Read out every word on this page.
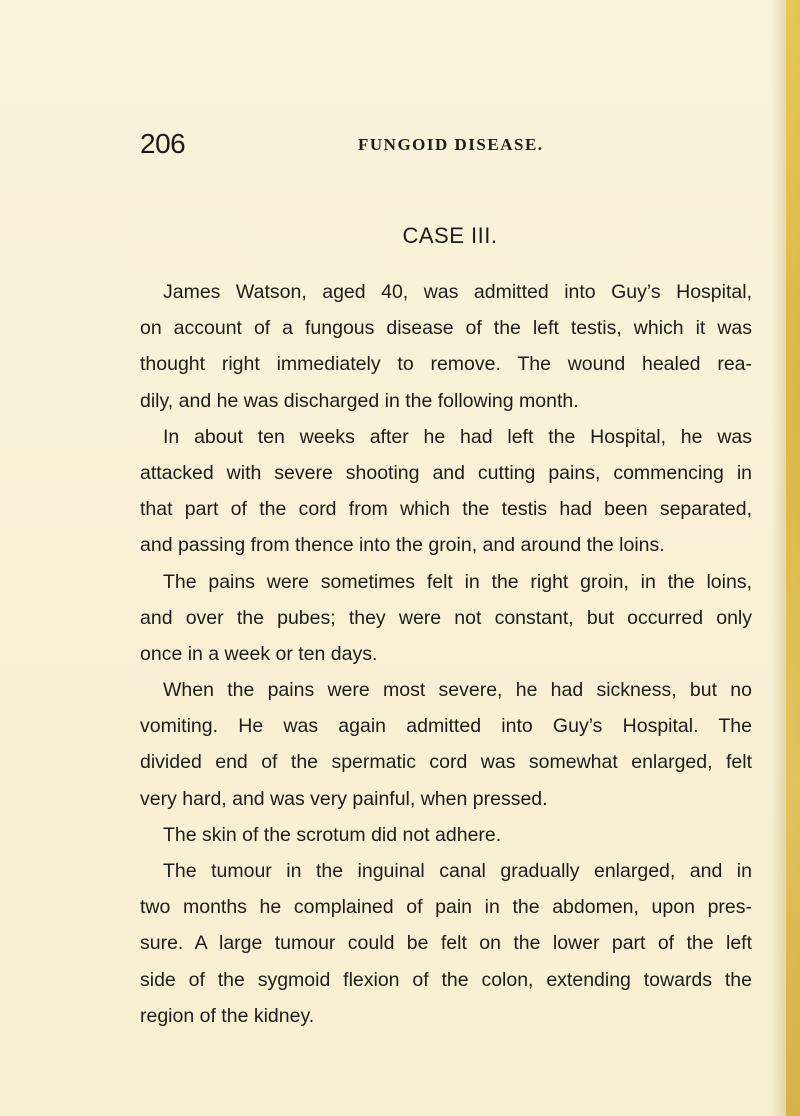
206	FUNGOID DISEASE.
CASE III.
James Watson, aged 40, was admitted into Guy’s Hospital,
on account of a fungous disease of the left testis, which it was
thought right immediately to remove. The wound healed rea-
dily, and he was discharged in the following month.
In about ten weeks after he had left the Hospital, he was
attacked with severe shooting and cutting pains, commencing in
that part of the cord from which the testis had been separated,
and passing from thence into the groin, and around the loins.
The pains were sometimes felt in the right groin, in the loins,
and over the pubes; they were not constant, but occurred only
once in a week or ten days.
When the pains were most severe, he had sickness, but no
vomiting. He was again admitted into Guy’s Hospital. The
divided end of the spermatic cord was somewhat enlarged, felt
very hard, and was very painful, when pressed.
The skin of the scrotum did not adhere.
The tumour in the inguinal canal gradually enlarged, and in
two months he complained of pain in the abdomen, upon pres-
sure. A large tumour could be felt on the lower part of the left
side of the sygmoid flexion of the colon, extending towards the
region of the kidney.
